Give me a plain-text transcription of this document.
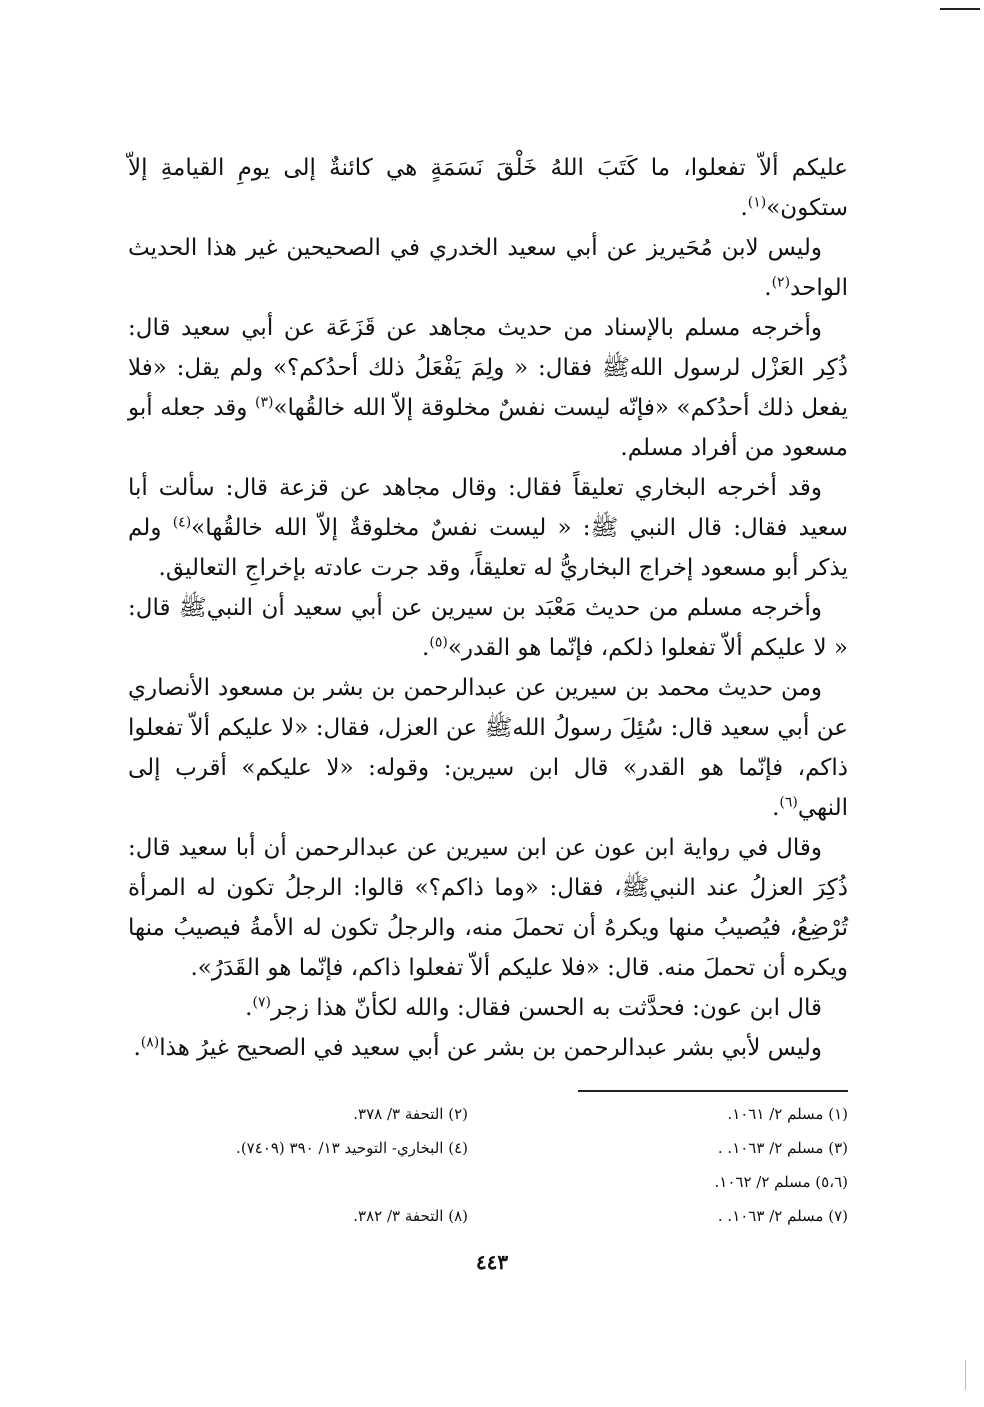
عليكم ألاّ تفعلوا، ما كَتَبَ اللهُ خَلْقَ نَسَمَةٍ هي كائنةٌ إلى يومِ القيامةِ إلاّ ستكون»$^{(١)}$.

وليس لابن مُحَيريز عن أبي سعيد الخدري في الصحيحين غير هذا الحديث الواحد$^{(٢)}$.

وأخرجه مسلم بالإسناد من حديث مجاهد عن قَزَعَة عن أبي سعيد قال: ذُكِر العَزْل لرسول اللهﷺ فقال: « ولِمَ يَفْعَلُ ذلك أحدُكم؟» ولم يقل: «فلا يفعل ذلك أحدُكم» «فإنّه ليست نفسٌ مخلوقة إلاّ الله خالقُها»$^{(٣)}$ وقد جعله أبو مسعود من أفراد مسلم.

وقد أخرجه البخاري تعليقاً فقال: وقال مجاهد عن قزعة قال: سألت أبا سعيد فقال: قال النبي ﷺ: « ليست نفسٌ مخلوقةٌ إلاّ الله خالقُها»$^{(٤)}$ ولم يذكر أبو مسعود إخراج البخاريُّ له تعليقاً، وقد جرت عادته بإخراجِ التعاليق.

وأخرجه مسلم من حديث مَعْبَد بن سيرين عن أبي سعيد أن النبيﷺ قال: « لا عليكم ألاّ تفعلوا ذلكم، فإنّما هو القدر»$^{(٥)}$.

ومن حديث محمد بن سيرين عن عبدالرحمن بن بشر بن مسعود الأنصاري عن أبي سعيد قال: سُئِلَ رسولُ اللهﷺ عن العزل، فقال: «لا عليكم ألاّ تفعلوا ذاكم، فإنّما هو القدر» قال ابن سيرين: وقوله: «لا عليكم» أقرب إلى النهي$^{(٦)}$.

وقال في رواية ابن عون عن ابن سيرين عن عبدالرحمن أن أبا سعيد قال: ذُكِرَ العزلُ عند النبيﷺ، فقال: «وما ذاكم؟» قالوا: الرجلُ تكون له المرأة تُرْضِعُ، فيُصيبُ منها ويكرهُ أن تحملَ منه، والرجلُ تكون له الأمةُ فيصيبُ منها ويكره أن تحملَ منه. قال: «فلا عليكم ألاّ تفعلوا ذاكم، فإنّما هو القَدَرُ».

قال ابن عون: فحدَّثت به الحسن فقال: والله لكأنّ هذا زجر$^{(٧)}$.

وليس لأبي بشر عبدالرحمن بن بشر عن أبي سعيد في الصحيح غيرُ هذا$^{(٨)}$.

(١) مسلم ٢/ ١٠٦١.
(٢) التحفة ٣/ ٣٧٨.
(٣) مسلم ٢/ ١٠٦٣. .
(٤) البخاري- التوحيد ١٣/ ٣٩٠ (٧٤٠٩).
(٥،٦) مسلم ٢/ ١٠٦٢.
(٧) مسلم ٢/ ١٠٦٣. .
(٨) التحفة ٣/ ٣٨٢.
٤٤٣
